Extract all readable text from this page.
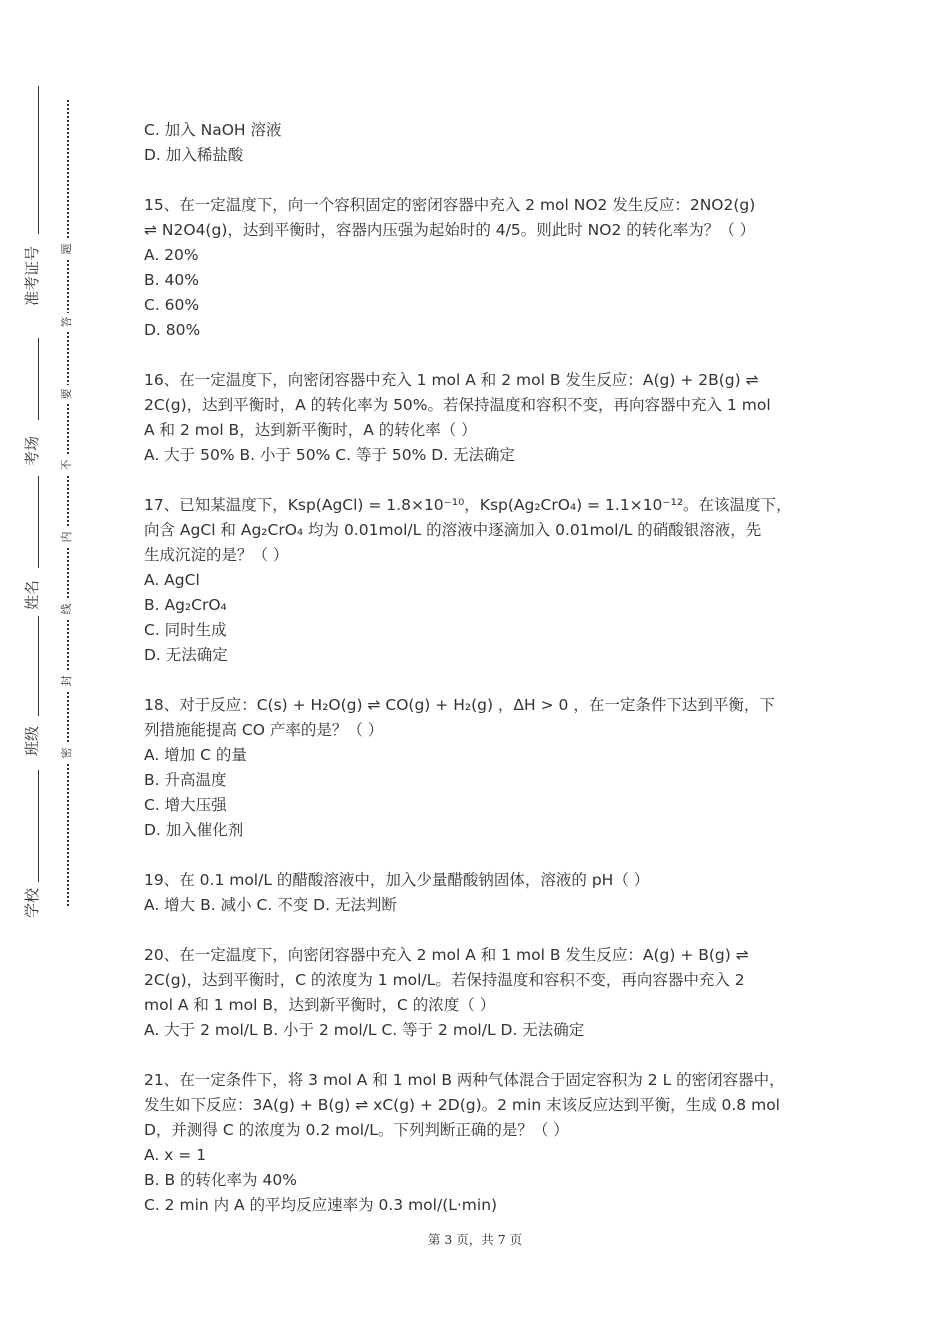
准考证号
考场
姓名
班级
学校
题
答
要
不
内
线
封
密
C. 加入 NaOH 溶液
D. 加入稀盐酸
15、在一定温度下，向一个容积固定的密闭容器中充入 2 mol NO2 发生反应：2NO2(g)
⇌ N2O4(g)，达到平衡时，容器内压强为起始时的 4/5。则此时 NO2 的转化率为？（ ）
A. 20%
B. 40%
C. 60%
D. 80%
16、在一定温度下，向密闭容器中充入 1 mol A 和 2 mol B 发生反应：A(g) + 2B(g) ⇌
2C(g)，达到平衡时，A 的转化率为 50%。若保持温度和容积不变，再向容器中充入 1 mol
A 和 2 mol B，达到新平衡时，A 的转化率（ ）
A. 大于 50% B. 小于 50% C. 等于 50% D. 无法确定
17、已知某温度下，Ksp(AgCl) = 1.8×10⁻¹⁰，Ksp(Ag₂CrO₄) = 1.1×10⁻¹²。在该温度下，
向含 AgCl 和 Ag₂CrO₄ 均为 0.01mol/L 的溶液中逐滴加入 0.01mol/L 的硝酸银溶液，先
生成沉淀的是？（ ）
A. AgCl
B. Ag₂CrO₄
C. 同时生成
D. 无法确定
18、对于反应：C(s) + H₂O(g) ⇌ CO(g) + H₂(g) ，ΔH > 0 ，在一定条件下达到平衡，下
列措施能提高 CO 产率的是？（ ）
A. 增加 C 的量
B. 升高温度
C. 增大压强
D. 加入催化剂
19、在 0.1 mol/L 的醋酸溶液中，加入少量醋酸钠固体，溶液的 pH（ ）
A. 增大 B. 减小 C. 不变 D. 无法判断
20、在一定温度下，向密闭容器中充入 2 mol A 和 1 mol B 发生反应：A(g) + B(g) ⇌
2C(g)，达到平衡时，C 的浓度为 1 mol/L。若保持温度和容积不变，再向容器中充入 2
mol A 和 1 mol B，达到新平衡时，C 的浓度（ ）
A. 大于 2 mol/L B. 小于 2 mol/L C. 等于 2 mol/L D. 无法确定
21、在一定条件下，将 3 mol A 和 1 mol B 两种气体混合于固定容积为 2 L 的密闭容器中，
发生如下反应：3A(g) + B(g) ⇌ xC(g) + 2D(g)。2 min 末该反应达到平衡，生成 0.8 mol
D，并测得 C 的浓度为 0.2 mol/L。下列判断正确的是？（ ）
A. x = 1
B. B 的转化率为 40%
C. 2 min 内 A 的平均反应速率为 0.3 mol/(L·min)
第 3 页，共 7 页
